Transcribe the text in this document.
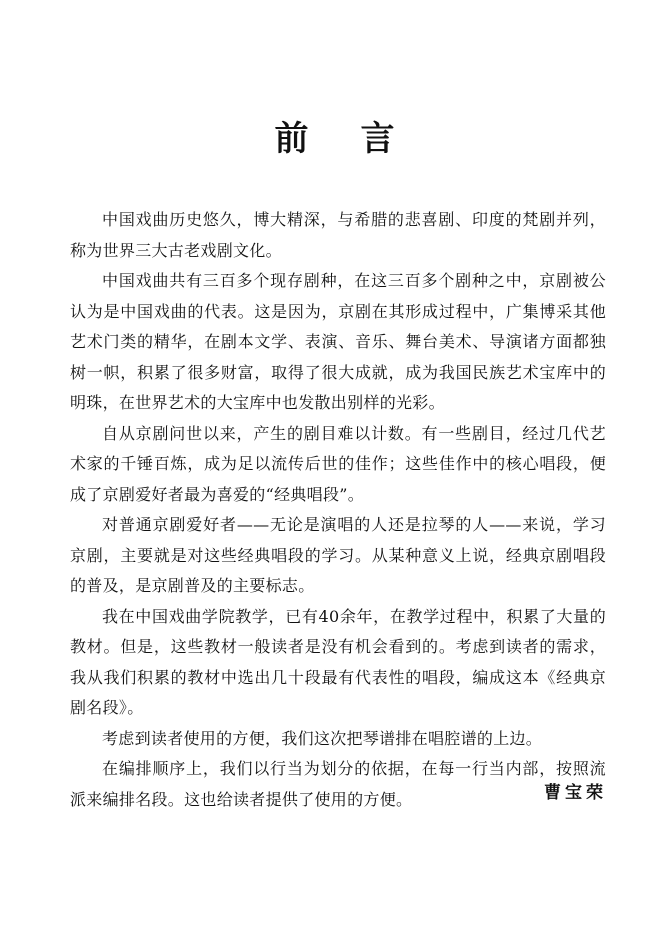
前言

中国戏曲历史悠久，博大精深，与希腊的悲喜剧、印度的梵剧并列，称为世界三大古老戏剧文化。

中国戏曲共有三百多个现存剧种，在这三百多个剧种之中，京剧被公认为是中国戏曲的代表。这是因为，京剧在其形成过程中，广集博采其他艺术门类的精华，在剧本文学、表演、音乐、舞台美术、导演诸方面都独树一帜，积累了很多财富，取得了很大成就，成为我国民族艺术宝库中的明珠，在世界艺术的大宝库中也发散出别样的光彩。

自从京剧问世以来，产生的剧目难以计数。有一些剧目，经过几代艺术家的千锤百炼，成为足以流传后世的佳作；这些佳作中的核心唱段，便成了京剧爱好者最为喜爱的“经典唱段”。

对普通京剧爱好者——无论是演唱的人还是拉琴的人——来说，学习京剧，主要就是对这些经典唱段的学习。从某种意义上说，经典京剧唱段的普及，是京剧普及的主要标志。

我在中国戏曲学院教学，已有40余年，在教学过程中，积累了大量的教材。但是，这些教材一般读者是没有机会看到的。考虑到读者的需求，我从我们积累的教材中选出几十段最有代表性的唱段，编成这本《经典京剧名段》。

考虑到读者使用的方便，我们这次把琴谱排在唱腔谱的上边。

在编排顺序上，我们以行当为划分的依据，在每一行当内部，按照流派来编排名段。这也给读者提供了使用的方便。	曹宝荣
